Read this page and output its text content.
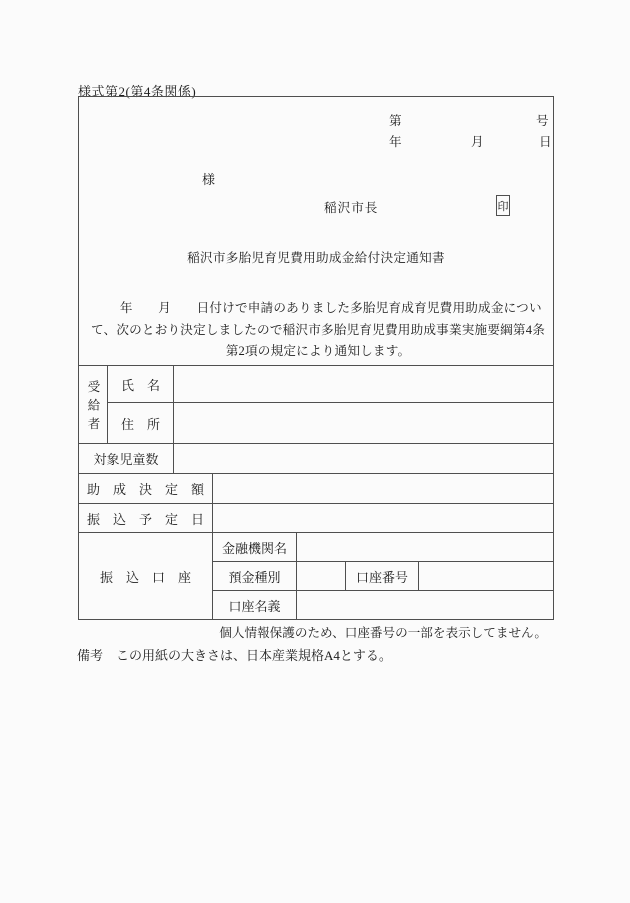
様式第2(第4条関係)
第	号
年	月	日
様
稲沢市長	印
稲沢市多胎児育児費用助成金給付決定通知書
　　年　　月　　日付けで申請のありました多胎児育成育児費用助成金につい
て、次のとおり決定しましたので稲沢市多胎児育児費用助成事業実施要綱第4条
第2項の規定により通知します。

受給者	氏　名					
	住　所					
対象児童数						
助　成　決　定　額						
振　込　予　定　日						
振　込　口　座			金融機関名			
			預金種別		口座番号	
			口座名義			
個人情報保護のため、口座番号の一部を表示してません。
備考　この用紙の大きさは、日本産業規格A4とする。
